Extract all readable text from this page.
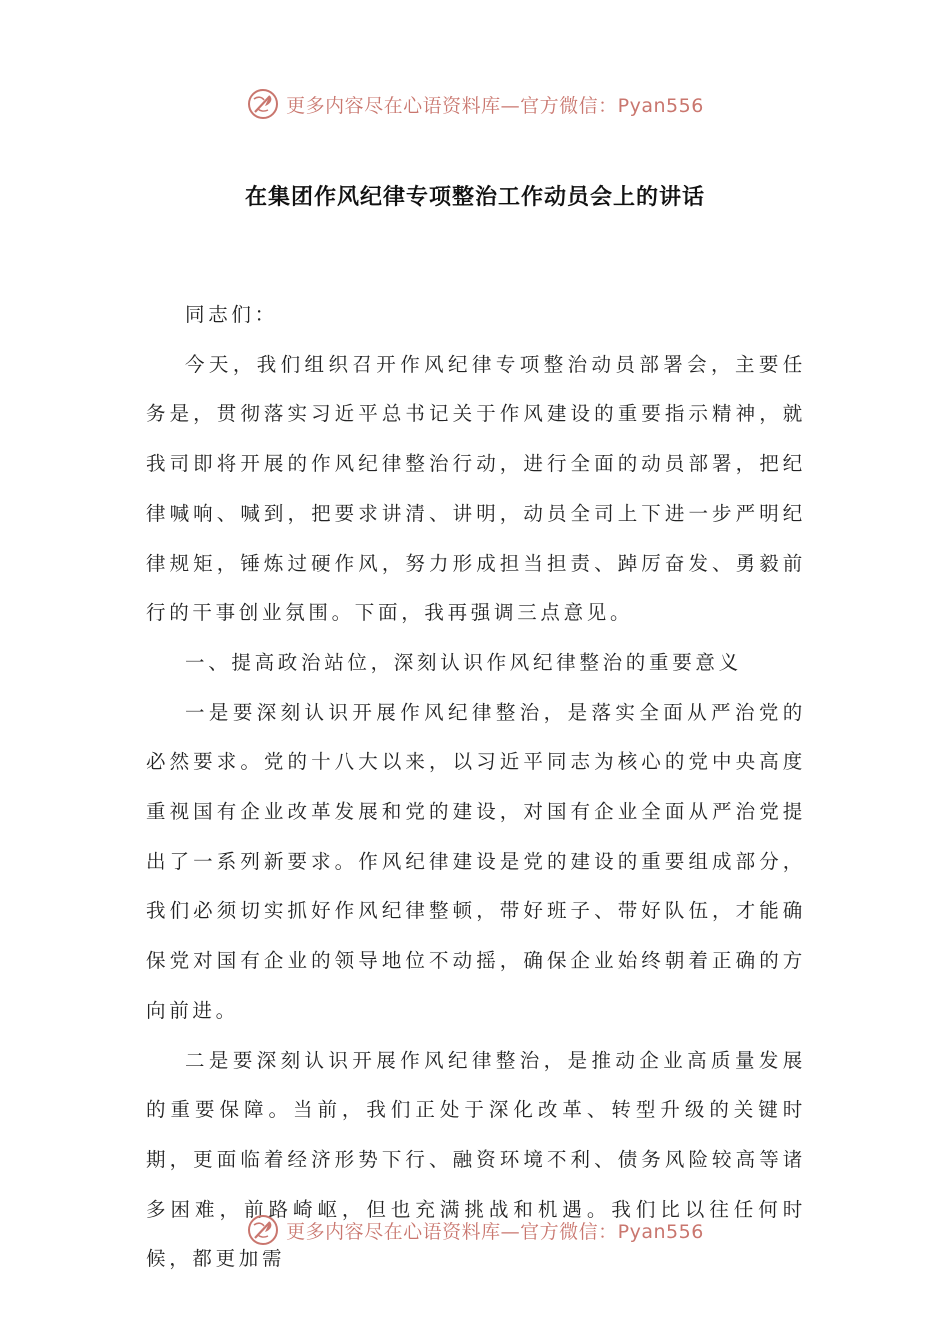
更多内容尽在心语资料库—官方微信：Pyan556
在集团作风纪律专项整治工作动员会上的讲话

同志们：

今天，我们组织召开作风纪律专项整治动员部署会，主要任务是，贯彻落实习近平总书记关于作风建设的重要指示精神，就我司即将开展的作风纪律整治行动，进行全面的动员部署，把纪律喊响、喊到，把要求讲清、讲明，动员全司上下进一步严明纪律规矩，锤炼过硬作风，努力形成担当担责、踔厉奋发、勇毅前行的干事创业氛围。下面，我再强调三点意见。

一、提高政治站位，深刻认识作风纪律整治的重要意义

一是要深刻认识开展作风纪律整治，是落实全面从严治党的必然要求。党的十八大以来，以习近平同志为核心的党中央高度重视国有企业改革发展和党的建设，对国有企业全面从严治党提出了一系列新要求。作风纪律建设是党的建设的重要组成部分，我们必须切实抓好作风纪律整顿，带好班子、带好队伍，才能确保党对国有企业的领导地位不动摇，确保企业始终朝着正确的方向前进。

二是要深刻认识开展作风纪律整治，是推动企业高质量发展的重要保障。当前，我们正处于深化改革、转型升级的关键时期，更面临着经济形势下行、融资环境不利、债务风险较高等诸多困难，前路崎岖，但也充满挑战和机遇。我们比以往任何时候，都更加需

更多内容尽在心语资料库—官方微信：Pyan556
